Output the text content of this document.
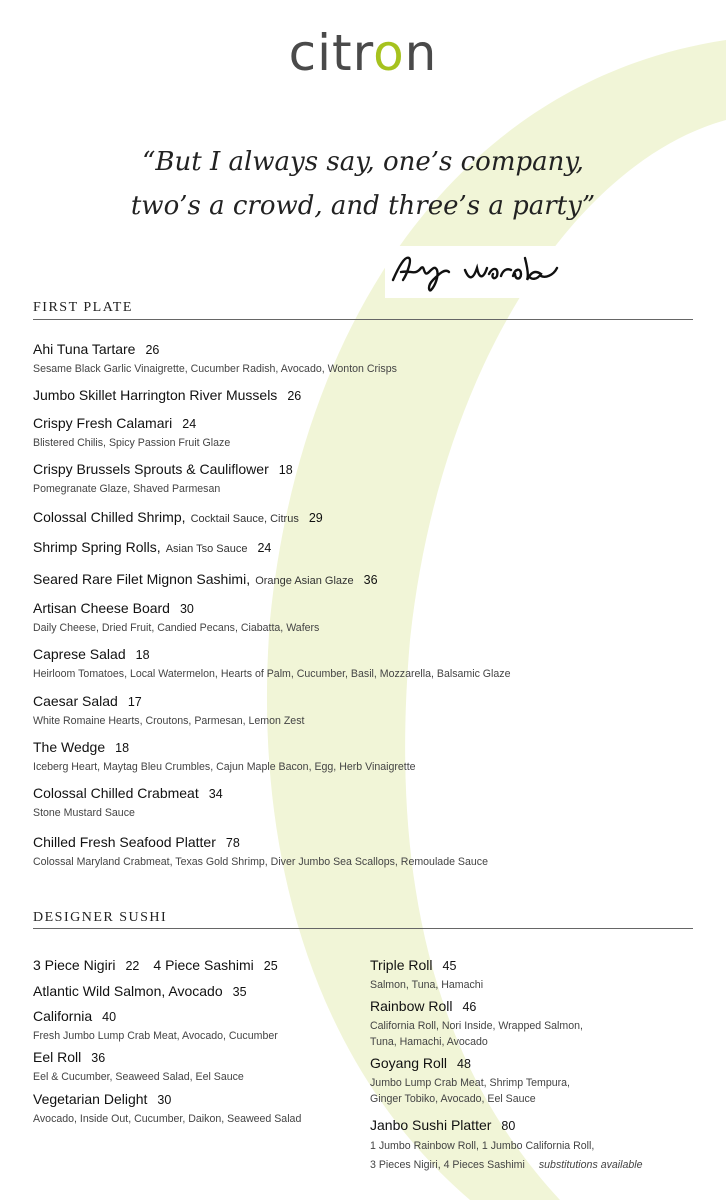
citron
“But I always say, one’s company,
two’s a crowd, and three’s a party”
FIRST PLATE
Ahi Tuna Tartare 26
Sesame Black Garlic Vinaigrette, Cucumber Radish, Avocado, Wonton Crisps
Jumbo Skillet Harrington River Mussels 26
Crispy Fresh Calamari 24
Blistered Chilis, Spicy Passion Fruit Glaze
Crispy Brussels Sprouts & Cauliflower 18
Pomegranate Glaze, Shaved Parmesan
Colossal Chilled Shrimp, Cocktail Sauce, Citrus 29
Shrimp Spring Rolls, Asian Tso Sauce 24
Seared Rare Filet Mignon Sashimi, Orange Asian Glaze 36
Artisan Cheese Board 30
Daily Cheese, Dried Fruit, Candied Pecans, Ciabatta, Wafers
Caprese Salad 18
Heirloom Tomatoes, Local Watermelon, Hearts of Palm, Cucumber, Basil, Mozzarella, Balsamic Glaze
Caesar Salad 17
White Romaine Hearts, Croutons, Parmesan, Lemon Zest
The Wedge 18
Iceberg Heart, Maytag Bleu Crumbles, Cajun Maple Bacon, Egg, Herb Vinaigrette
Colossal Chilled Crabmeat 34
Stone Mustard Sauce
Chilled Fresh Seafood Platter 78
Colossal Maryland Crabmeat, Texas Gold Shrimp, Diver Jumbo Sea Scallops, Remoulade Sauce
DESIGNER SUSHI
3 Piece Nigiri 22 4 Piece Sashimi 25
Atlantic Wild Salmon, Avocado 35
California 40
Fresh Jumbo Lump Crab Meat, Avocado, Cucumber
Eel Roll 36
Eel & Cucumber, Seaweed Salad, Eel Sauce
Vegetarian Delight 30
Avocado, Inside Out, Cucumber, Daikon, Seaweed Salad
Triple Roll 45
Salmon, Tuna, Hamachi
Rainbow Roll 46
California Roll, Nori Inside, Wrapped Salmon,
Tuna, Hamachi, Avocado
Goyang Roll 48
Jumbo Lump Crab Meat, Shrimp Tempura,
Ginger Tobiko, Avocado, Eel Sauce
Janbo Sushi Platter 80
1 Jumbo Rainbow Roll, 1 Jumbo California Roll,
3 Pieces Nigiri, 4 Pieces Sashimi substitutions available
